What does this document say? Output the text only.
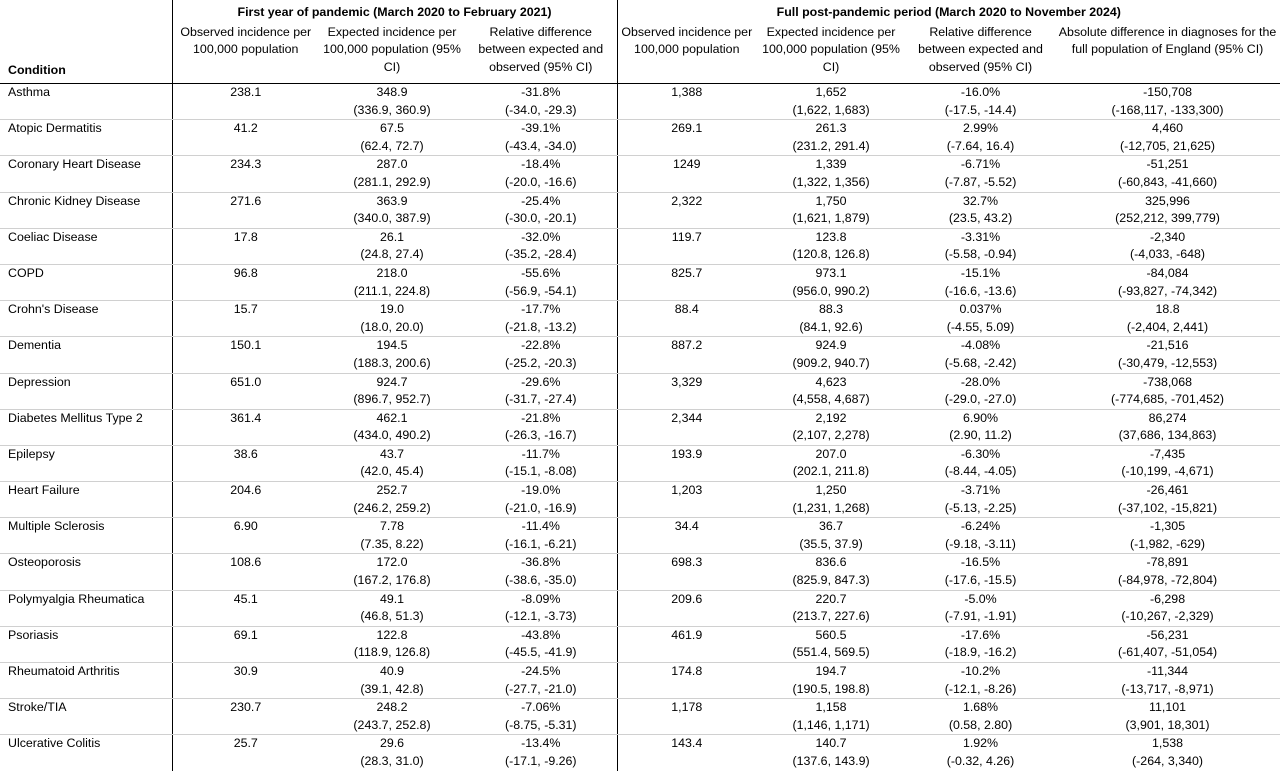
	First year of pandemic (March 2020 to February 2021)			Full post-pandemic period (March 2020 to November 2024)			
Condition	Observed incidence per 100,000 population	Expected incidence per 100,000 population (95% CI)	Relative difference between expected and observed (95% CI)	Observed incidence per 100,000 population	Expected incidence per 100,000 population (95% CI)	Relative difference between expected and observed (95% CI)	Absolute difference in diagnoses for the full population of England (95% CI)
Asthma	238.1	348.9	-31.8%	1,388	1,652	-16.0%	-150,708
		(336.9, 360.9)	(-34.0, -29.3)		(1,622, 1,683)	(-17.5, -14.4)	(-168,117, -133,300)
Atopic Dermatitis	41.2	67.5	-39.1%	269.1	261.3	2.99%	4,460
		(62.4, 72.7)	(-43.4, -34.0)		(231.2, 291.4)	(-7.64, 16.4)	(-12,705, 21,625)
Coronary Heart Disease	234.3	287.0	-18.4%	1249	1,339	-6.71%	-51,251
		(281.1, 292.9)	(-20.0, -16.6)		(1,322, 1,356)	(-7.87, -5.52)	(-60,843, -41,660)
Chronic Kidney Disease	271.6	363.9	-25.4%	2,322	1,750	32.7%	325,996
		(340.0, 387.9)	(-30.0, -20.1)		(1,621, 1,879)	(23.5, 43.2)	(252,212, 399,779)
Coeliac Disease	17.8	26.1	-32.0%	119.7	123.8	-3.31%	-2,340
		(24.8, 27.4)	(-35.2, -28.4)		(120.8, 126.8)	(-5.58, -0.94)	(-4,033, -648)
COPD	96.8	218.0	-55.6%	825.7	973.1	-15.1%	-84,084
		(211.1, 224.8)	(-56.9, -54.1)		(956.0, 990.2)	(-16.6, -13.6)	(-93,827, -74,342)
Crohn's Disease	15.7	19.0	-17.7%	88.4	88.3	0.037%	18.8
		(18.0, 20.0)	(-21.8, -13.2)		(84.1, 92.6)	(-4.55, 5.09)	(-2,404, 2,441)
Dementia	150.1	194.5	-22.8%	887.2	924.9	-4.08%	-21,516
		(188.3, 200.6)	(-25.2, -20.3)		(909.2, 940.7)	(-5.68, -2.42)	(-30,479, -12,553)
Depression	651.0	924.7	-29.6%	3,329	4,623	-28.0%	-738,068
		(896.7, 952.7)	(-31.7, -27.4)		(4,558, 4,687)	(-29.0, -27.0)	(-774,685, -701,452)
Diabetes Mellitus Type 2	361.4	462.1	-21.8%	2,344	2,192	6.90%	86,274
		(434.0, 490.2)	(-26.3, -16.7)		(2,107, 2,278)	(2.90, 11.2)	(37,686, 134,863)
Epilepsy	38.6	43.7	-11.7%	193.9	207.0	-6.30%	-7,435
		(42.0, 45.4)	(-15.1, -8.08)		(202.1, 211.8)	(-8.44, -4.05)	(-10,199, -4,671)
Heart Failure	204.6	252.7	-19.0%	1,203	1,250	-3.71%	-26,461
		(246.2, 259.2)	(-21.0, -16.9)		(1,231, 1,268)	(-5.13, -2.25)	(-37,102, -15,821)
Multiple Sclerosis	6.90	7.78	-11.4%	34.4	36.7	-6.24%	-1,305
		(7.35, 8.22)	(-16.1, -6.21)		(35.5, 37.9)	(-9.18, -3.11)	(-1,982, -629)
Osteoporosis	108.6	172.0	-36.8%	698.3	836.6	-16.5%	-78,891
		(167.2, 176.8)	(-38.6, -35.0)		(825.9, 847.3)	(-17.6, -15.5)	(-84,978, -72,804)
Polymyalgia Rheumatica	45.1	49.1	-8.09%	209.6	220.7	-5.0%	-6,298
		(46.8, 51.3)	(-12.1, -3.73)		(213.7, 227.6)	(-7.91, -1.91)	(-10,267, -2,329)
Psoriasis	69.1	122.8	-43.8%	461.9	560.5	-17.6%	-56,231
		(118.9, 126.8)	(-45.5, -41.9)		(551.4, 569.5)	(-18.9, -16.2)	(-61,407, -51,054)
Rheumatoid Arthritis	30.9	40.9	-24.5%	174.8	194.7	-10.2%	-11,344
		(39.1, 42.8)	(-27.7, -21.0)		(190.5, 198.8)	(-12.1, -8.26)	(-13,717, -8,971)
Stroke/TIA	230.7	248.2	-7.06%	1,178	1,158	1.68%	11,101
		(243.7, 252.8)	(-8.75, -5.31)		(1,146, 1,171)	(0.58, 2.80)	(3,901, 18,301)
Ulcerative Colitis	25.7	29.6	-13.4%	143.4	140.7	1.92%	1,538
		(28.3, 31.0)	(-17.1, -9.26)		(137.6, 143.9)	(-0.32, 4.26)	(-264, 3,340)
